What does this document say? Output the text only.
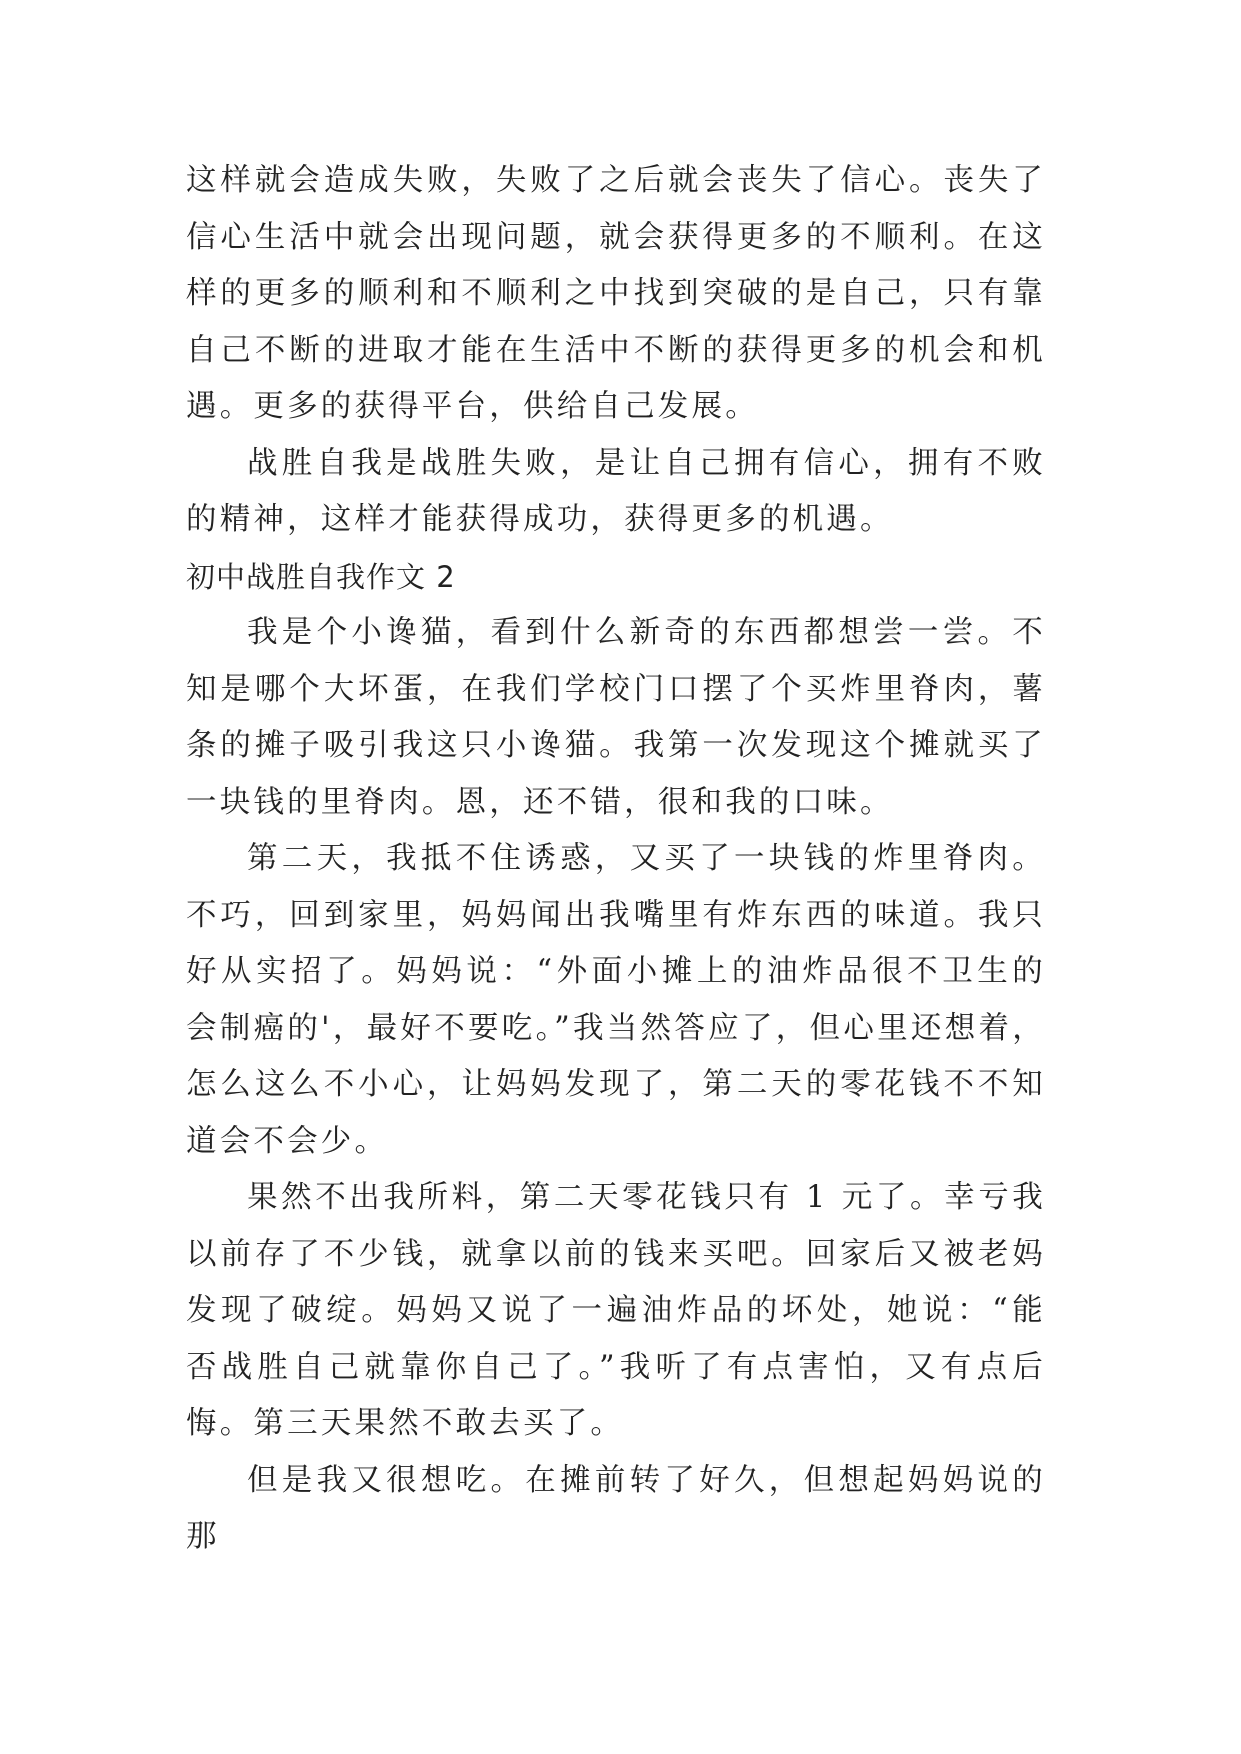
这样就会造成失败，失败了之后就会丧失了信心。丧失了信心生活中就会出现问题，就会获得更多的不顺利。在这样的更多的顺利和不顺利之中找到突破的是自己，只有靠自己不断的进取才能在生活中不断的获得更多的机会和机遇。更多的获得平台，供给自己发展。

战胜自我是战胜失败，是让自己拥有信心，拥有不败的精神，这样才能获得成功，获得更多的机遇。

初中战胜自我作文 2

我是个小谗猫，看到什么新奇的东西都想尝一尝。不知是哪个大坏蛋，在我们学校门口摆了个买炸里脊肉，薯条的摊子吸引我这只小谗猫。我第一次发现这个摊就买了一块钱的里脊肉。恩，还不错，很和我的口味。

第二天，我抵不住诱惑，又买了一块钱的炸里脊肉。不巧，回到家里，妈妈闻出我嘴里有炸东西的味道。我只好从实招了。妈妈说：“外面小摊上的油炸品很不卫生的会制癌的'，最好不要吃。”我当然答应了，但心里还想着，怎么这么不小心，让妈妈发现了，第二天的零花钱不不知道会不会少。

果然不出我所料，第二天零花钱只有 1 元了。幸亏我以前存了不少钱，就拿以前的钱来买吧。回家后又被老妈发现了破绽。妈妈又说了一遍油炸品的坏处，她说：“能否战胜自己就靠你自己了。”我听了有点害怕，又有点后悔。第三天果然不敢去买了。

但是我又很想吃。在摊前转了好久，但想起妈妈说的那
